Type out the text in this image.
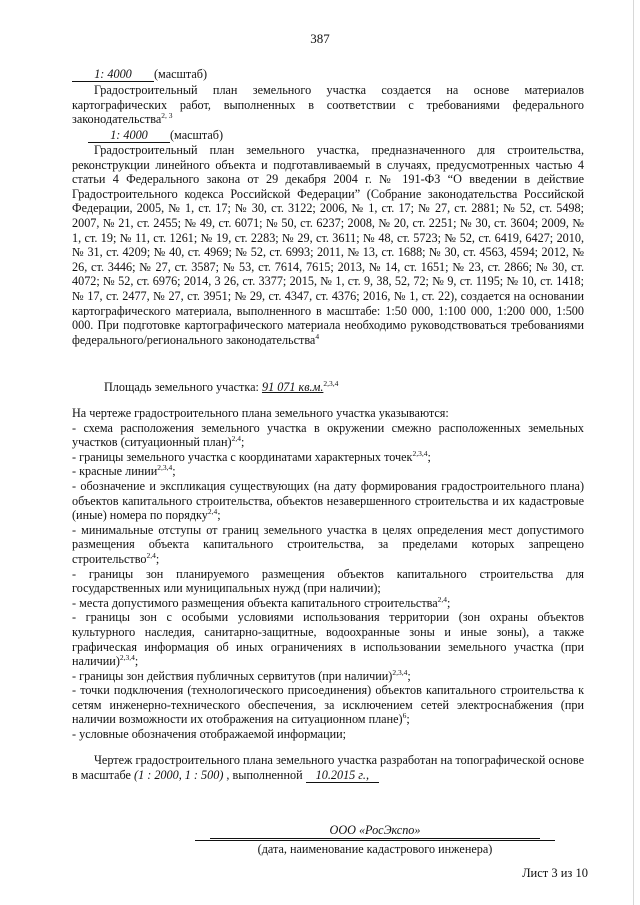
387
1: 4000 (масштаб)
Градостроительный план земельного участка создается на основе материалов картографических работ, выполненных в соответствии с требованиями федерального законодательства$^{2, 3}$
1: 4000 (масштаб)
Градостроительный план земельного участка, предназначенного для строительства, реконструкции линейного объекта и подготавливаемый в случаях, предусмотренных частью 4 статьи 4 Федерального закона от 29 декабря 2004 г. № 191-ФЗ “О введении в действие Градостроительного кодекса Российской Федерации” (Собрание законодательства Российской Федерации, 2005, № 1, ст. 17; № 30, ст. 3122; 2006, № 1, ст. 17; № 27, ст. 2881; № 52, ст. 5498; 2007, № 21, ст. 2455; № 49, ст. 6071; № 50, ст. 6237; 2008, № 20, ст. 2251; № 30, ст. 3604; 2009, № 1, ст. 19; № 11, ст. 1261; № 19, ст. 2283; № 29, ст. 3611; № 48, ст. 5723; № 52, ст. 6419, 6427; 2010, № 31, ст. 4209; № 40, ст. 4969; № 52, ст. 6993; 2011, № 13, ст. 1688; № 30, ст. 4563, 4594; 2012, № 26, ст. 3446; № 27, ст. 3587; № 53, ст. 7614, 7615; 2013, № 14, ст. 1651; № 23, ст. 2866; № 30, ст. 4072; № 52, ст. 6976; 2014, 3 26, ст. 3377; 2015, № 1, ст. 9, 38, 52, 72; № 9, ст. 1195; № 10, ст. 1418; № 17, ст. 2477, № 27, ст. 3951; № 29, ст. 4347, ст. 4376; 2016, № 1, ст. 22), создается на основании картографического материала, выполненного в масштабе: 1:50 000, 1:100 000, 1:200 000, 1:500 000. При подготовке картографического материала необходимо руководствоваться требованиями федерального/регионального законодательства$^4$
Площадь земельного участка: 91 071 кв.м.$^{2,3,4}$
На чертеже градостроительного плана земельного участка указываются:
- схема расположения земельного участка в окружении смежно расположенных земельных участков (ситуационный план)$^{2,4}$;
- границы земельного участка с координатами характерных точек$^{2,3,4}$;
- красные линии$^{2,3,4}$;
- обозначение и экспликация существующих (на дату формирования градостроительного плана) объектов капитального строительства, объектов незавершенного строительства и их кадастровые (иные) номера по порядку$^{2,4}$;
- минимальные отступы от границ земельного участка в целях определения мест допустимого размещения объекта капитального строительства, за пределами которых запрещено строительство$^{2,4}$;
- границы зон планируемого размещения объектов капитального строительства для государственных или муниципальных нужд (при наличии);
- места допустимого размещения объекта капитального строительства$^{2,4}$;
- границы зон с особыми условиями использования территории (зон охраны объектов культурного наследия, санитарно-защитные, водоохранные зоны и иные зоны), а также графическая информация об иных ограничениях в использовании земельного участка (при наличии)$^{2,3,4}$;
- границы зон действия публичных сервитутов (при наличии)$^{2,3,4}$;
- точки подключения (технологического присоединения) объектов капитального строительства к сетям инженерно-технического обеспечения, за исключением сетей электроснабжения (при наличии возможности их отображения на ситуационном плане)$^6$;
- условные обозначения отображаемой информации;
Чертеж градостроительного плана земельного участка разработан на топографической основе в масштабе (1 : 2000, 1 : 500) , выполненной 10.2015 г.,
ООО «РосЭкспо»
(дата, наименование кадастрового инженера)
Лист 3 из 10
